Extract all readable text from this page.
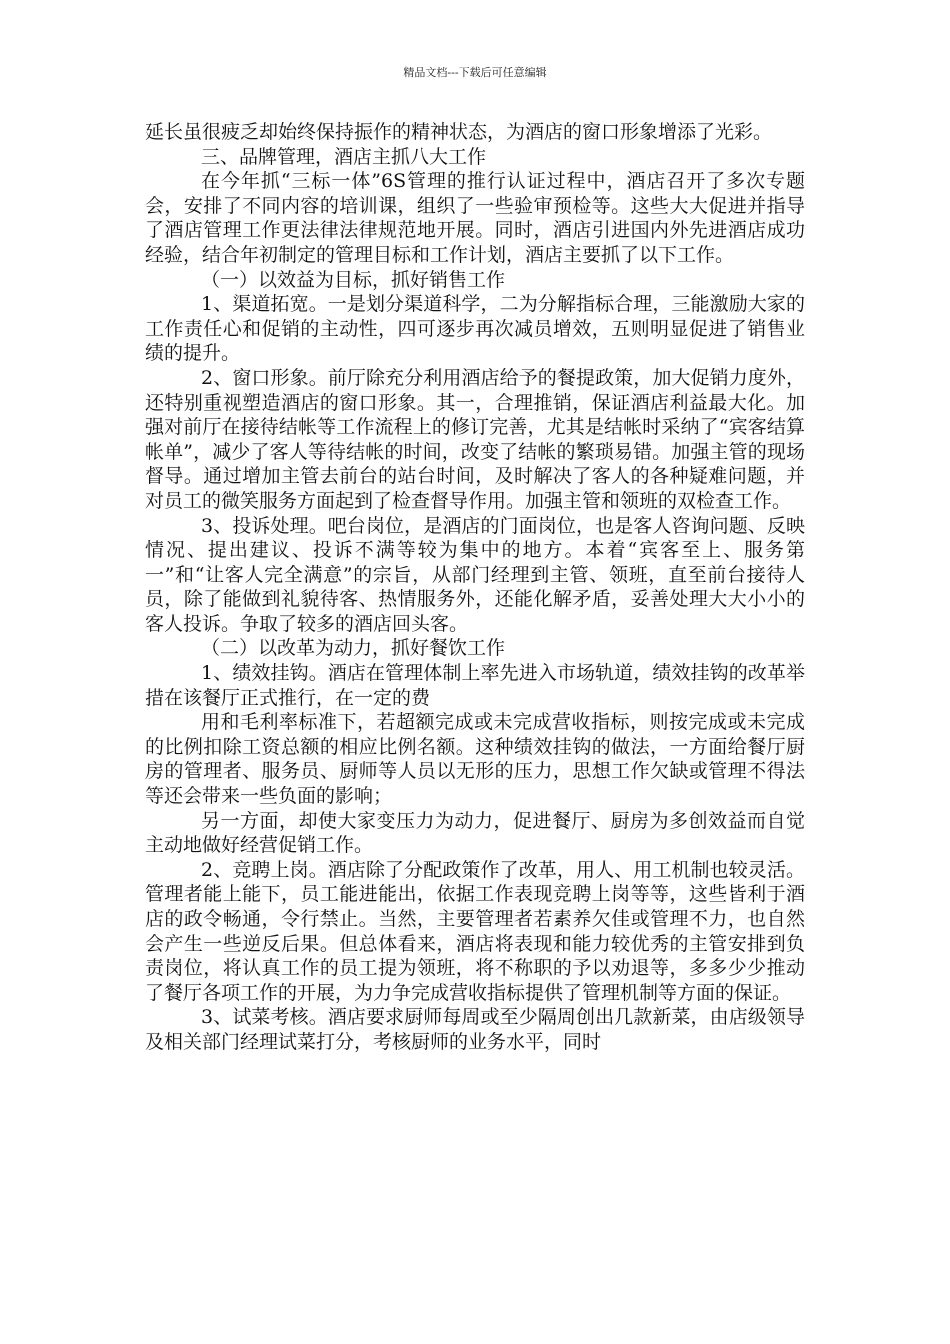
精品文档---下载后可任意编辑

延长虽很疲乏却始终保持振作的精神状态，为酒店的窗口形象增添了光彩。

三、品牌管理，酒店主抓八大工作

在今年抓“三标一体”6S管理的推行认证过程中，酒店召开了多次专题会，安排了不同内容的培训课，组织了一些验审预检等。这些大大促进并指导了酒店管理工作更法律法律规范地开展。同时，酒店引进国内外先进酒店成功经验，结合年初制定的管理目标和工作计划，酒店主要抓了以下工作。

（一）以效益为目标，抓好销售工作

1、渠道拓宽。一是划分渠道科学，二为分解指标合理，三能激励大家的工作责任心和促销的主动性，四可逐步再次减员增效，五则明显促进了销售业绩的提升。

2、窗口形象。前厅除充分利用酒店给予的餐提政策，加大促销力度外，还特别重视塑造酒店的窗口形象。其一，合理推销，保证酒店利益最大化。加强对前厅在接待结帐等工作流程上的修订完善，尤其是结帐时采纳了“宾客结算帐单”，减少了客人等待结帐的时间，改变了结帐的繁琐易错。加强主管的现场督导。通过增加主管去前台的站台时间，及时解决了客人的各种疑难问题，并对员工的微笑服务方面起到了检查督导作用。加强主管和领班的双检查工作。

3、投诉处理。吧台岗位，是酒店的门面岗位，也是客人咨询问题、反映情况、提出建议、投诉不满等较为集中的地方。本着“宾客至上、服务第一”和“让客人完全满意”的宗旨，从部门经理到主管、领班，直至前台接待人员，除了能做到礼貌待客、热情服务外，还能化解矛盾，妥善处理大大小小的客人投诉。争取了较多的酒店回头客。

（二）以改革为动力，抓好餐饮工作

1、绩效挂钩。酒店在管理体制上率先进入市场轨道，绩效挂钩的改革举措在该餐厅正式推行，在一定的费

用和毛利率标准下，若超额完成或未完成营收指标，则按完成或未完成的比例扣除工资总额的相应比例名额。这种绩效挂钩的做法，一方面给餐厅厨房的管理者、服务员、厨师等人员以无形的压力，思想工作欠缺或管理不得法等还会带来一些负面的影响；

另一方面，却使大家变压力为动力，促进餐厅、厨房为多创效益而自觉主动地做好经营促销工作。

2、竞聘上岗。酒店除了分配政策作了改革，用人、用工机制也较灵活。管理者能上能下，员工能进能出，依据工作表现竞聘上岗等等，这些皆利于酒店的政令畅通，令行禁止。当然，主要管理者若素养欠佳或管理不力，也自然会产生一些逆反后果。但总体看来，酒店将表现和能力较优秀的主管安排到负责岗位，将认真工作的员工提为领班，将不称职的予以劝退等，多多少少推动了餐厅各项工作的开展，为力争完成营收指标提供了管理机制等方面的保证。

3、试菜考核。酒店要求厨师每周或至少隔周创出几款新菜，由店级领导及相关部门经理试菜打分，考核厨师的业务水平，同时
